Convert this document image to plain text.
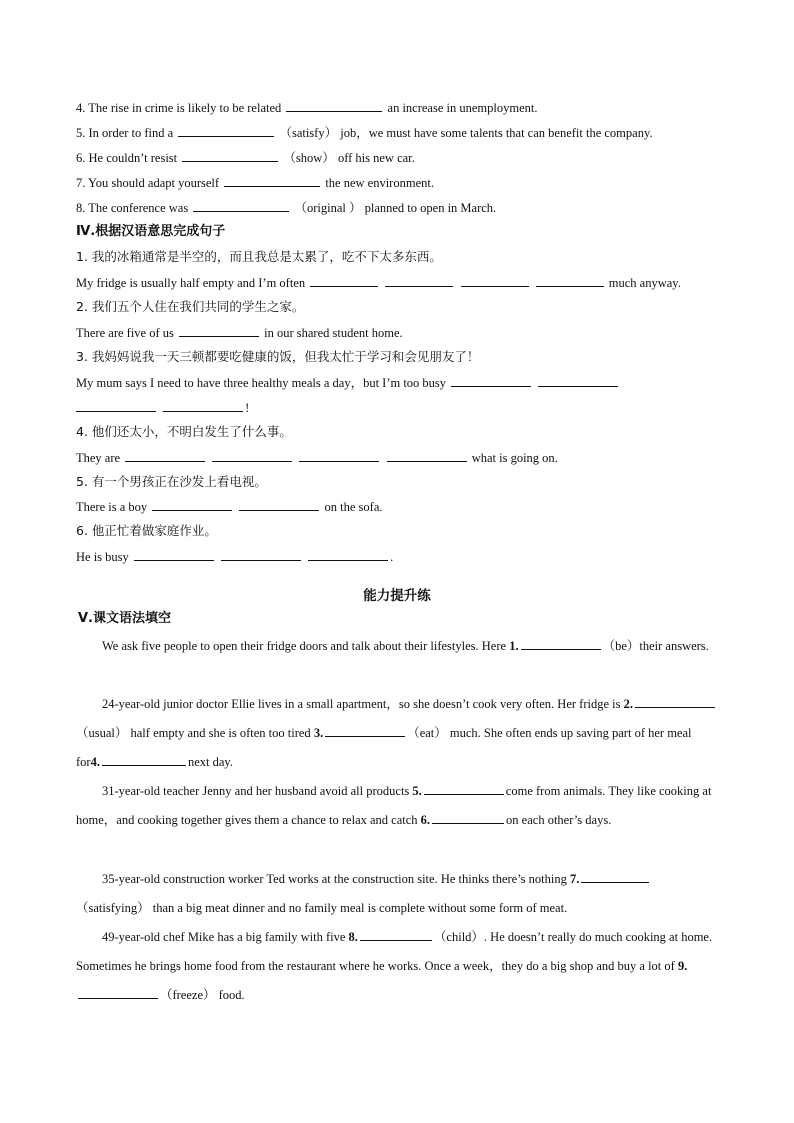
4. The rise in crime is likely to be related	an increase in unemployment.
5. In order to find a	（satisfy） job，we must have some talents that can benefit the company.
6. He couldn’t resist	（show） off his new car.
7. You should adapt yourself	the new environment.
8. The conference was	（original ） planned to open in March.
Ⅳ.根据汉语意思完成句子
1. 我的冰箱通常是半空的，而且我总是太累了，吃不下太多东西。
My fridge is usually half empty and I’m often	much anyway.
2. 我们五个人住在我们共同的学生之家。
There are five of us	in our shared student home.
3. 我妈妈说我一天三顿都要吃健康的饭，但我太忙于学习和会见朋友了！
My mum says I need to have three healthy meals a day，but I’m too busy
!
4. 他们还太小，不明白发生了什么事。
They are	what is going on.
5. 有一个男孩正在沙发上看电视。
There is a boy	on the sofa.
6. 他正忙着做家庭作业。
He is busy	.
能力提升练
Ⅴ.课文语法填空
We ask five people to open their fridge doors and talk about their lifestyles. Here 1.	（be）their answers.
24-year-old junior doctor Ellie lives in a small apartment，so she doesn’t cook very often. Her fridge is 2.（usual） half empty and she is often too tired 3.	（eat） much. She often ends up saving part of her meal for4.	next day.
31-year-old teacher Jenny and her husband avoid all products 5.	come from animals. They like cooking at home，and cooking together gives them a chance to relax and catch 6.	on each other’s days.
35-year-old construction worker Ted works at the construction site. He thinks there’s nothing 7.（satisfying） than a big meat dinner and no family meal is complete without some form of meat.
49-year-old chef Mike has a big family with five 8.	（child）. He doesn’t really do much cooking at home. Sometimes he brings home food from the restaurant where he works. Once a week，they do a big shop and buy a lot of 9.（freeze） food.
